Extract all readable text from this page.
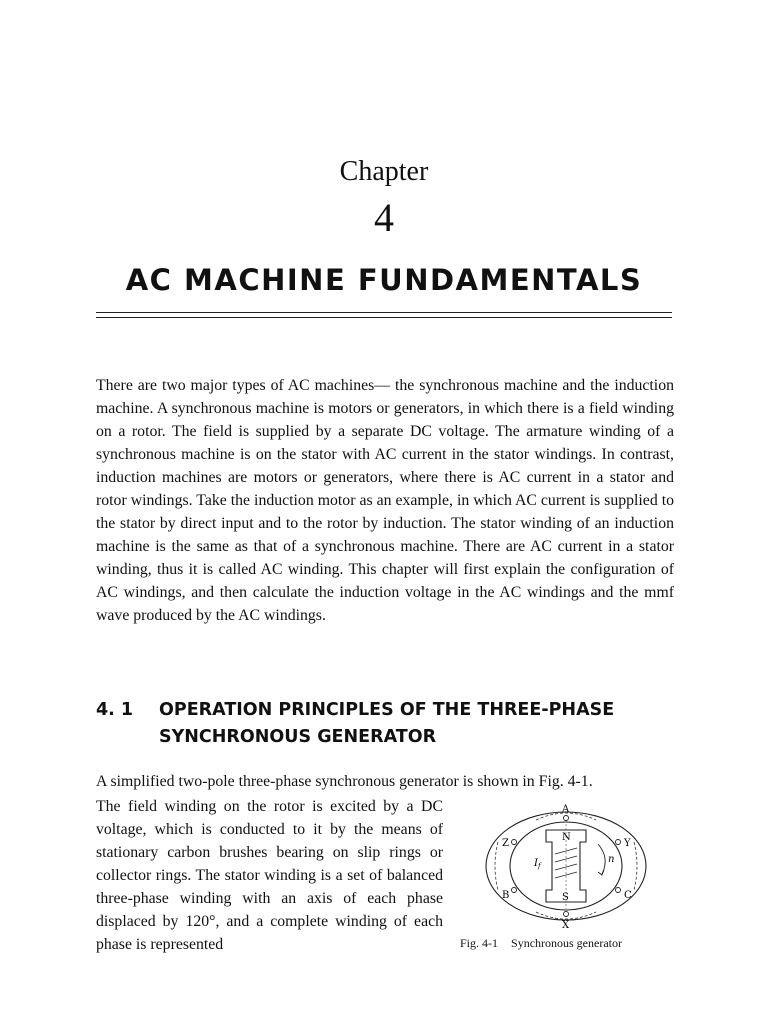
Chapter
4
AC MACHINE FUNDAMENTALS

There are two major types of AC machines— the synchronous machine and the induction machine. A synchronous machine is motors or generators, in which there is a field winding on a rotor. The field is supplied by a separate DC voltage. The armature winding of a synchronous machine is on the stator with AC current in the stator windings. In contrast, induction machines are motors or generators, where there is AC current in a stator and rotor windings. Take the induction motor as an example, in which AC current is supplied to the stator by direct input and to the rotor by induction. The stator winding of an induction machine is the same as that of a synchronous machine. There are AC current in a stator winding, thus it is called AC winding. This chapter will first explain the configuration of AC windings, and then calculate the induction voltage in the AC windings and the mmf wave produced by the AC windings.

4. 1 OPERATION PRINCIPLES OF THE THREE-PHASE
SYNCHRONOUS GENERATOR

A simplified two-pole three-phase synchronous generator is shown in Fig. 4-1.

The field winding on the rotor is excited by a DC voltage, which is conducted to it by the means of stationary carbon brushes bearing on slip rings or collector rings. The stator winding is a set of balanced three-phase winding with an axis of each phase displaced by 120°, and a complete winding of each phase is represented

A
X
Z	Y
B	C
N
S
$I_f$
n
Fig. 4-1 Synchronous generator
